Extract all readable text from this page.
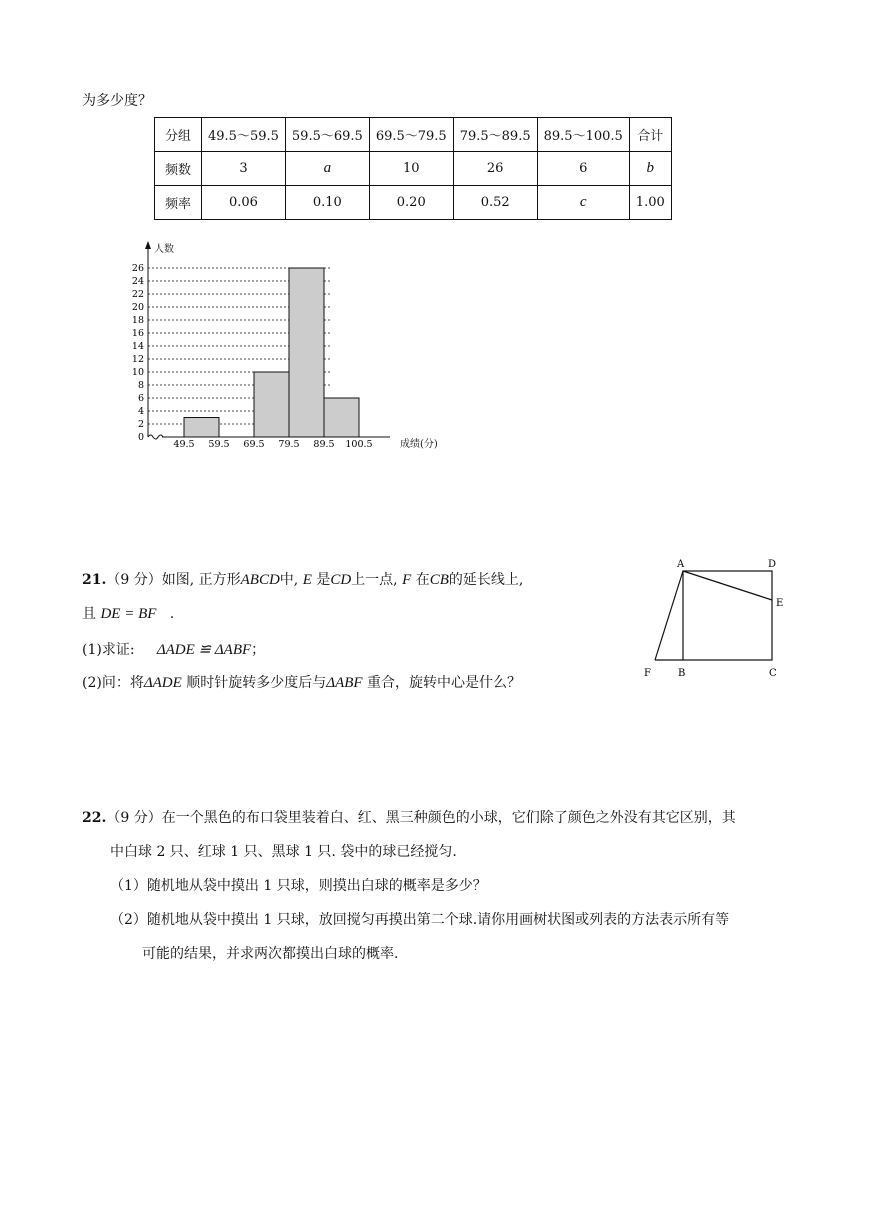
为多少度？
分组	49.5～59.5	59.5～69.5	69.5～79.5	79.5～89.5	89.5～100.5	合计
频数	3	a	10	26	6	b
频率	0.06	0.10	0.20	0.52	c	1.00
人数
成绩(分)
0
2
4
6
8
10
12
14
16
18
20
22
24
26
49.5 59.5 69.5 79.5 89.5 100.5
21.（9 分）如图, 正方形ABCD中, E 是CD上一点, F 在CB的延长线上,
且 DE = BF .
(1)求证: ΔADE ≌ ΔABF；
(2)问：将ΔADE 顺时针旋转多少度后与ΔABF 重合，旋转中心是什么？
A	D
E
F	B	C
22.（9 分）在一个黑色的布口袋里装着白、红、黑三种颜色的小球，它们除了颜色之外没有其它区别，其
中白球 2 只、红球 1 只、黑球 1 只. 袋中的球已经搅匀.
（1）随机地从袋中摸出 1 只球，则摸出白球的概率是多少？
（2）随机地从袋中摸出 1 只球，放回搅匀再摸出第二个球.请你用画树状图或列表的方法表示所有等
可能的结果，并求两次都摸出白球的概率.
